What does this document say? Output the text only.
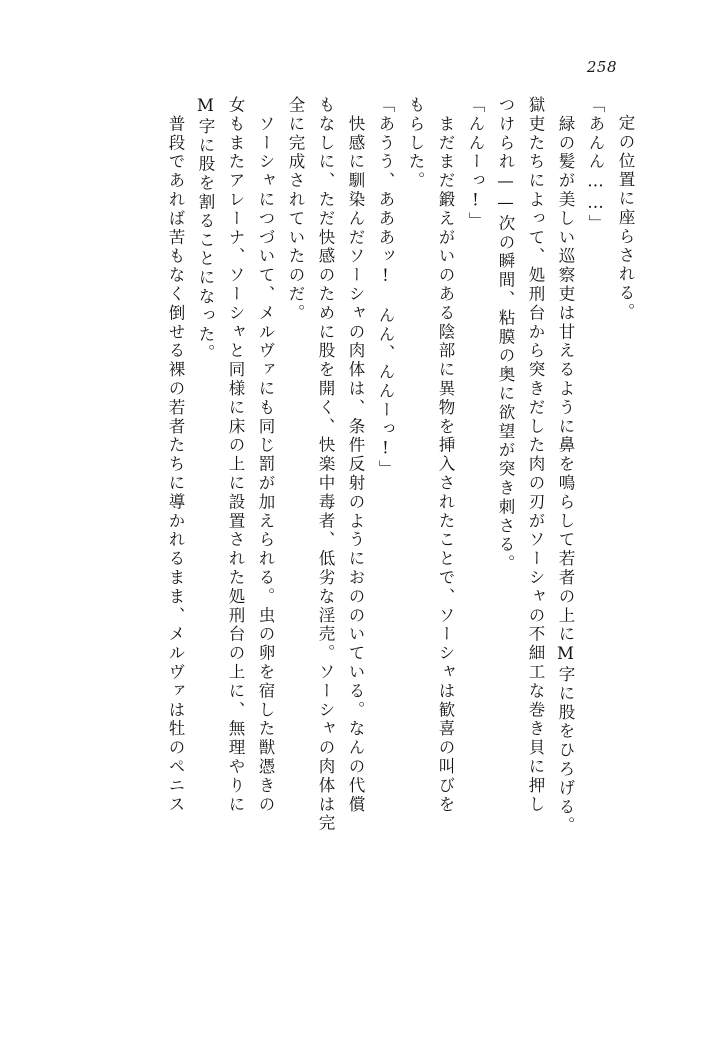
258
定の位置に座らされる。
「あんん……」
　緑の髪が美しい巡察吏は甘えるように鼻を鳴らして若者の上にM字に股をひろげる。
獄吏たちによって、処刑台から突きだした肉の刃がソーシャの不細工な巻き貝に押し
つけられ——次の瞬間、粘膜の奥に欲望が突き刺さる。
「んんーっ!」
　まだまだ鍛えがいのある陰部に異物を挿入されたことで、ソーシャは歓喜の叫びを
もらした。
「あうう、あああッ!　んん、んんーっ!」
　快感に馴染んだソーシャの肉体は、条件反射のようにおののいている。なんの代償
もなしに、ただ快感のために股を開く、快楽中毒者、低劣な淫売。ソーシャの肉体は完
全に完成されていたのだ。
　ソーシャにつづいて、メルヴァにも同じ罰が加えられる。虫の卵を宿した獣憑きの
女もまたアレーナ、ソーシャと同様に床の上に設置された処刑台の上に、無理やりに
M字に股を割ることになった。
　普段であれば苦もなく倒せる裸の若者たちに導かれるまま、メルヴァは牡のペニス
